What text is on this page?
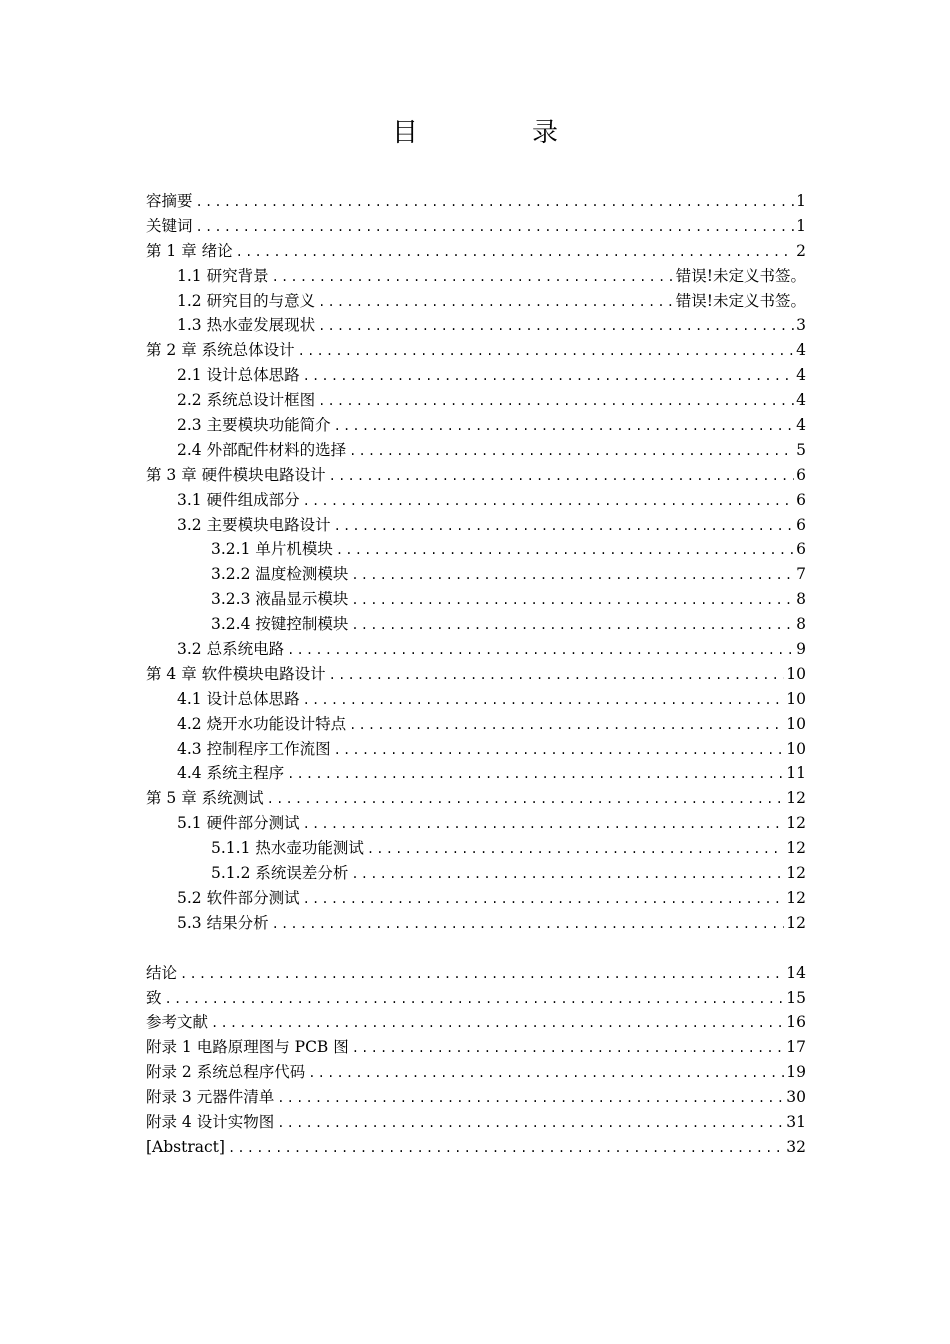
目　录
容摘要 .....	1
关键词 .....	1
第 1 章 绪论 .....	2
1.1 研究背景 .....	错误!未定义书签。
1.2 研究目的与意义 .....	错误!未定义书签。
1.3 热水壶发展现状 .....	3
第 2 章 系统总体设计 .....	4
2.1 设计总体思路 .....	4
2.2 系统总设计框图 .....	4
2.3 主要模块功能简介 .....	4
2.4 外部配件材料的选择 .....	5
第 3 章 硬件模块电路设计 .....	6
3.1 硬件组成部分 .....	6
3.2 主要模块电路设计 .....	6
3.2.1 单片机模块 .....	6
3.2.2 温度检测模块 .....	7
3.2.3 液晶显示模块 .....	8
3.2.4 按键控制模块 .....	8
3.2 总系统电路 .....	9
第 4 章 软件模块电路设计 .....	10
4.1 设计总体思路 .....	10
4.2 烧开水功能设计特点 .....	10
4.3 控制程序工作流图 .....	10
4.4 系统主程序 .....	11
第 5 章 系统测试 .....	12
5.1 硬件部分测试 .....	12
5.1.1 热水壶功能测试 .....	12
5.1.2 系统误差分析 .....	12
5.2 软件部分测试 .....	12
5.3 结果分析 .....	12
结论 .....	14
致 .....	15
参考文献 .....	16
附录 1 电路原理图与 PCB 图 .....	17
附录 2 系统总程序代码 .....	19
附录 3 元器件清单 .....	30
附录 4 设计实物图 .....	31
[Abstract] .....	32
